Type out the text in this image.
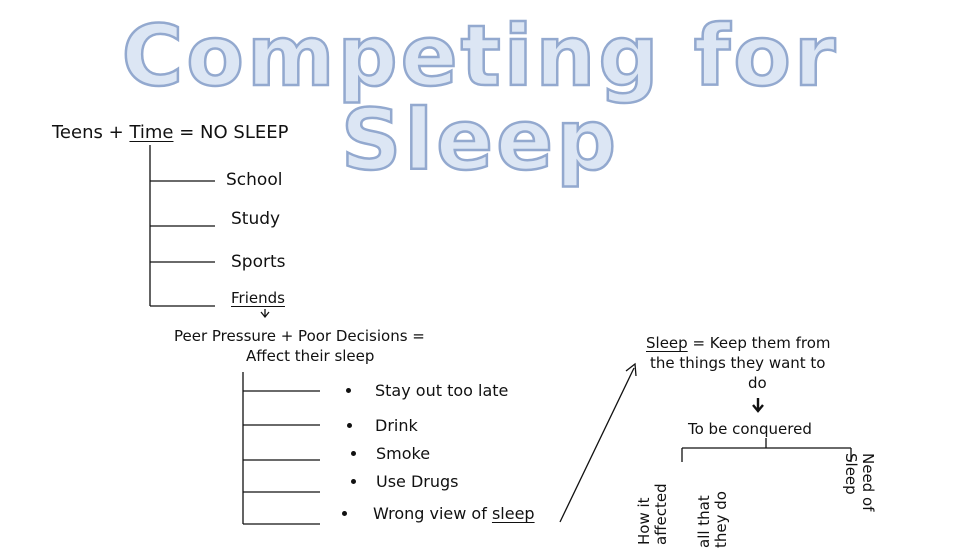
Competing for Sleep
Teens + Time = NO SLEEP
School
Study
Sports
Friends
Peer Pressure + Poor Decisions =
Affect their sleep
Stay out too late
Drink
Smoke
Use Drugs
Wrong view of sleep
Sleep = Keep them from
the things they want to
do
To be conquered
How it
affected all that
they do
Need of
Sleep
